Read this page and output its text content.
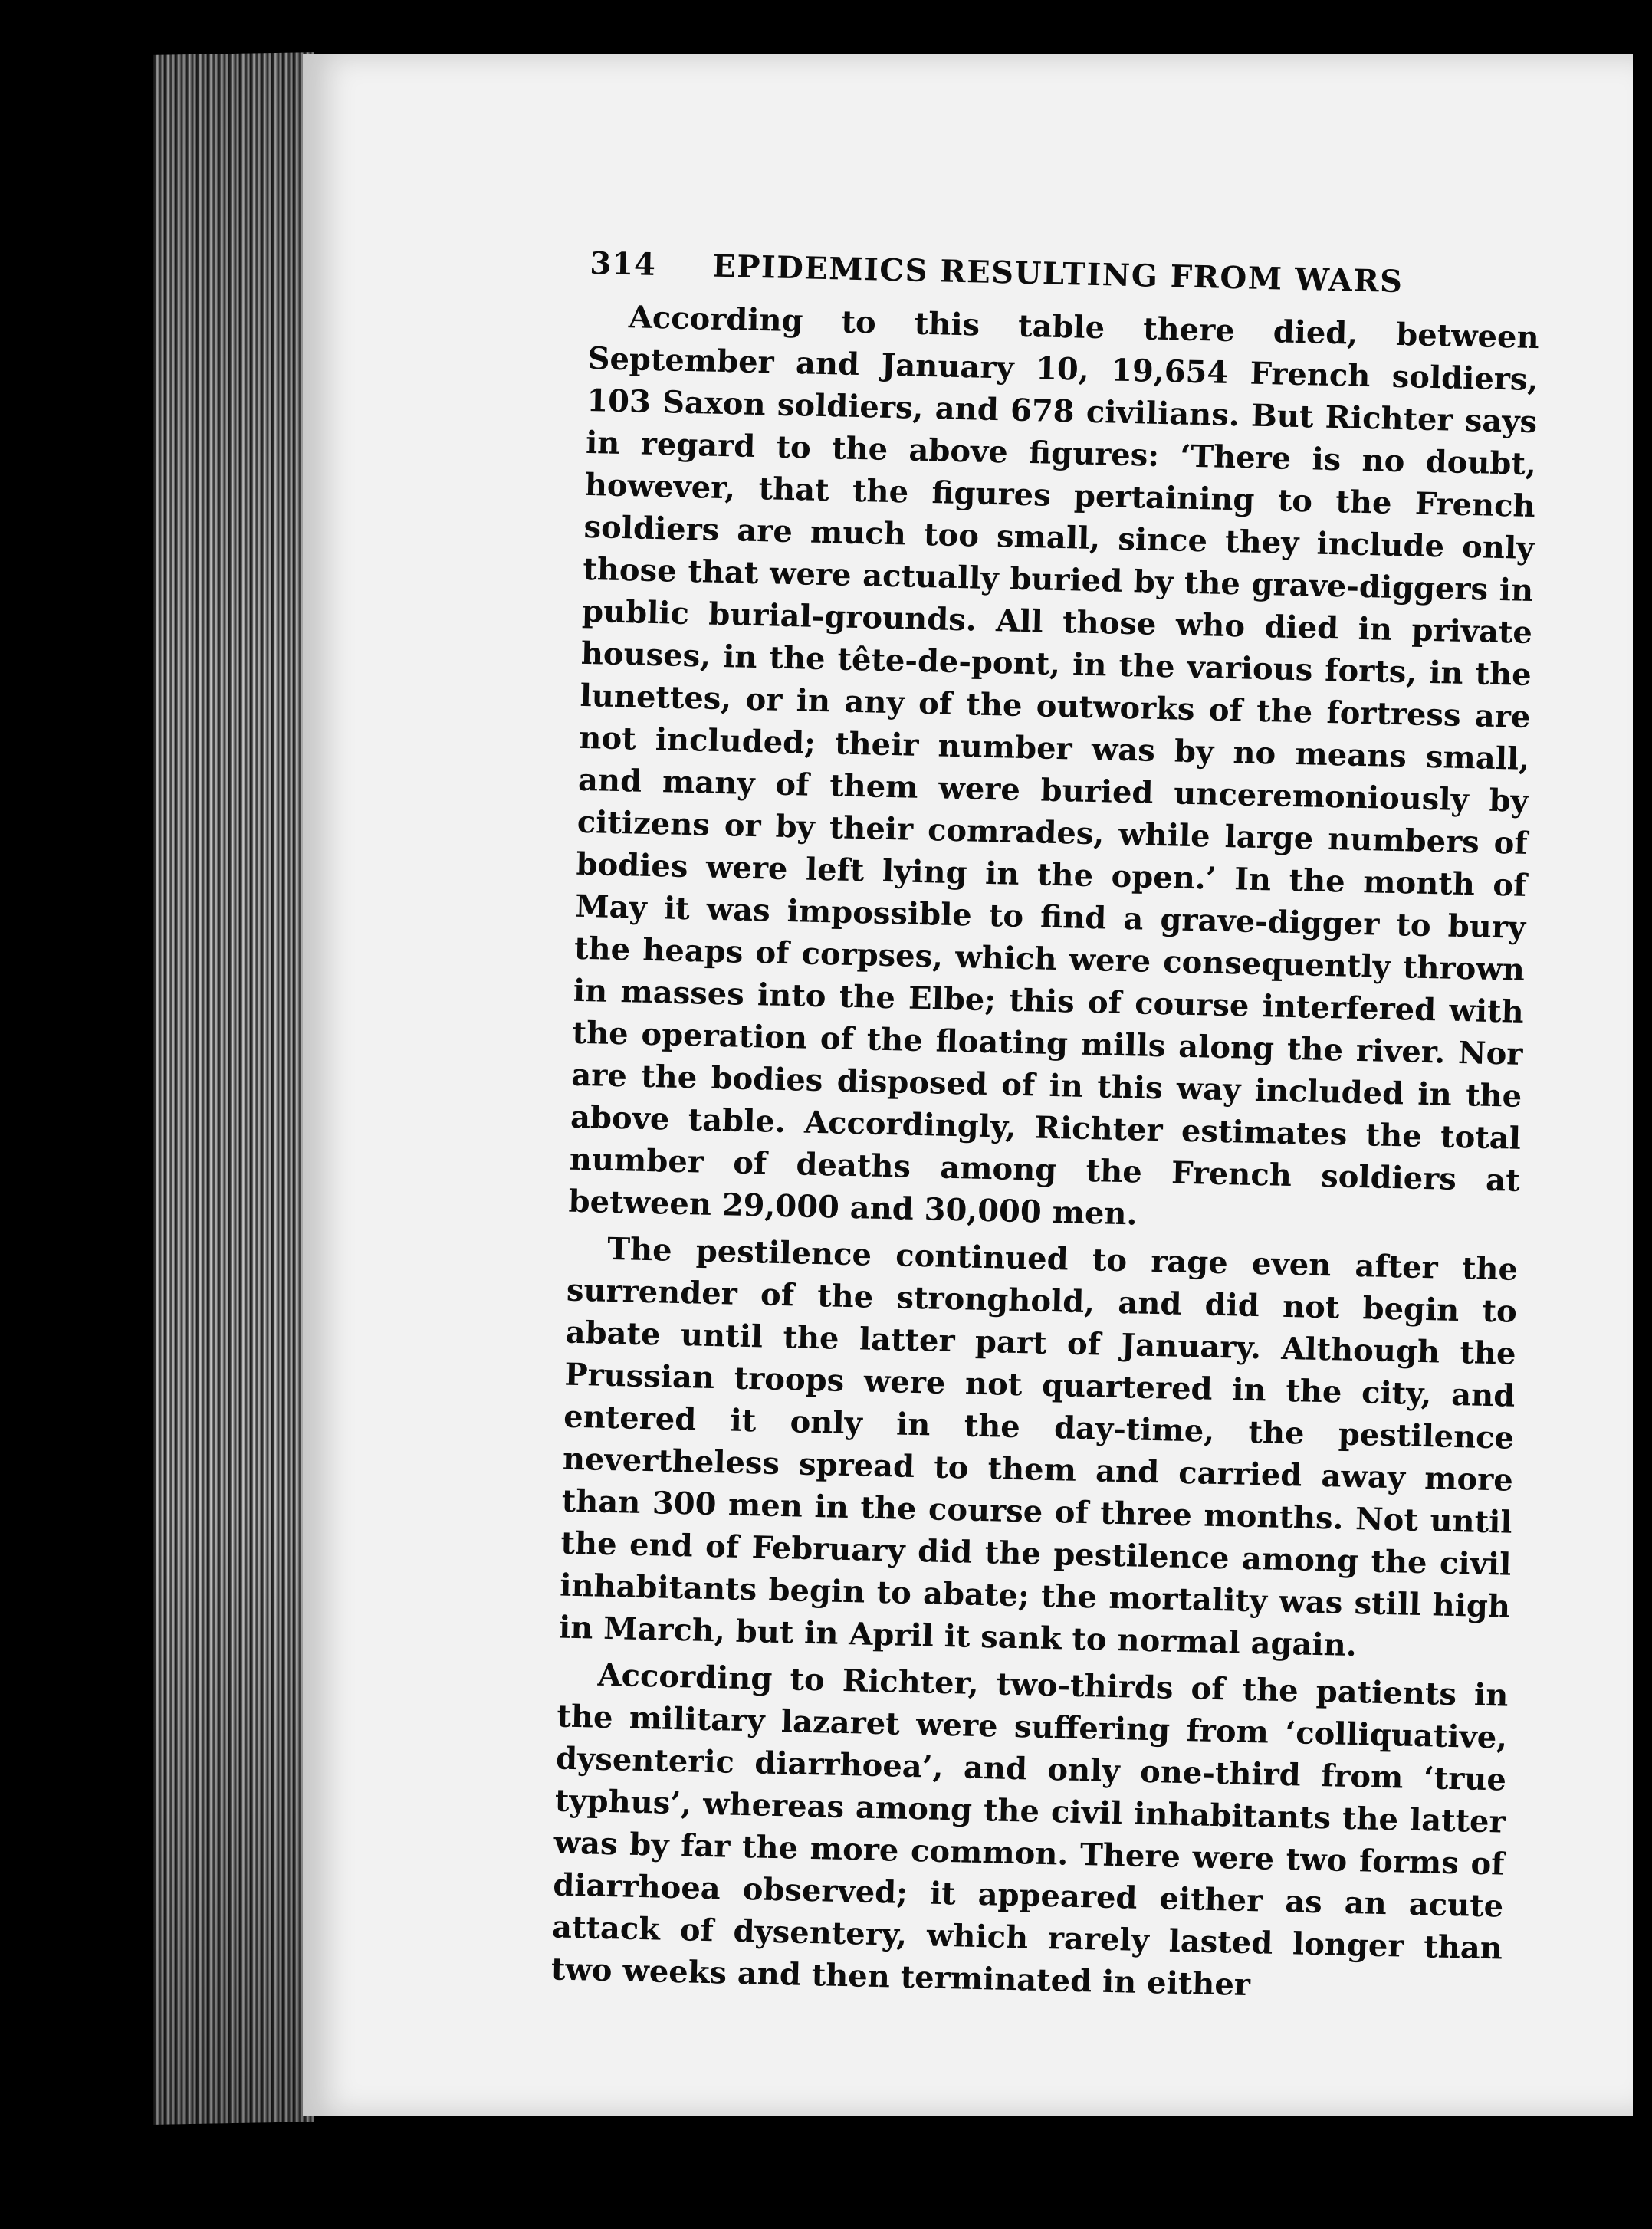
314	EPIDEMICS RESULTING FROM WARS

According to this table there died, between September and January 10, 19,654 French soldiers, 103 Saxon soldiers, and 678 civilians. But Richter says in regard to the above figures: ‘There is no doubt, however, that the figures pertaining to the French soldiers are much too small, since they include only those that were actually buried by the grave-diggers in public burial-grounds. All those who died in private houses, in the tête-de-pont, in the various forts, in the lunettes, or in any of the outworks of the fortress are not included; their number was by no means small, and many of them were buried unceremoniously by citizens or by their comrades, while large numbers of bodies were left lying in the open.’ In the month of May it was impossible to find a grave-digger to bury the heaps of corpses, which were consequently thrown in masses into the Elbe; this of course interfered with the operation of the floating mills along the river. Nor are the bodies disposed of in this way included in the above table. Accordingly, Richter estimates the total number of deaths among the French soldiers at between 29,000 and 30,000 men.

The pestilence continued to rage even after the surrender of the stronghold, and did not begin to abate until the latter part of January. Although the Prussian troops were not quartered in the city, and entered it only in the day-time, the pestilence nevertheless spread to them and carried away more than 300 men in the course of three months. Not until the end of February did the pestilence among the civil inhabitants begin to abate; the mortality was still high in March, but in April it sank to normal again.

According to Richter, two-thirds of the patients in the military lazaret were suffering from ‘colliquative, dysenteric diarrhoea’, and only one-third from ‘true typhus’, whereas among the civil inhabitants the latter was by far the more common. There were two forms of diarrhoea observed; it appeared either as an acute attack of dysentery, which rarely lasted longer than two weeks and then terminated in either
